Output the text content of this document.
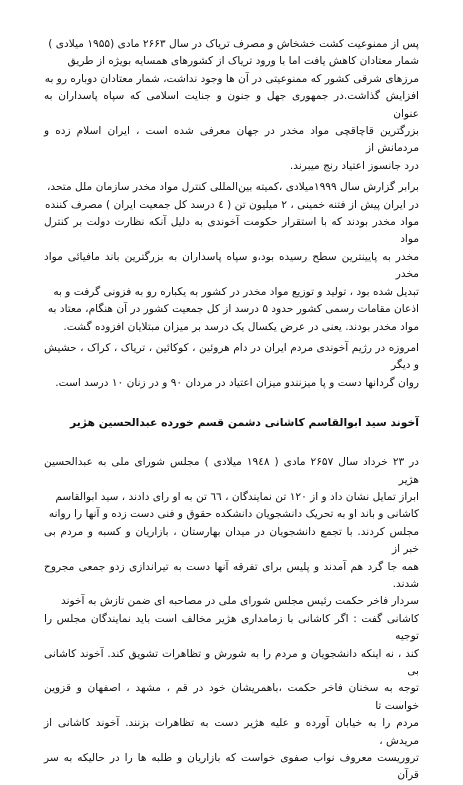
پس از ممنوعیت کشت خشخاش و مصرف تریاک در سال ۲۶۶۳ مادی (۱۹۵۵ میلادی )
شمار معتادان کاهش یافت اما با ورود تریاک از کشورهای همسایه بویژه از طریق
مرزهای شرقی کشور که ممنوعیتی در آن ها وجود نداشت، شمار معتادان دوباره رو به
افزایش گذاشت.در جمهوری جهل و جنون و جنایت اسلامی که سپاه پاسداران به عنوان
بزرگترین قاچاقچی مواد مخدر در جهان معرفی شده است ، ایران اسلام زده و مردمانش از
درد جانسوز اعتیاد رنج میبرند.

برابر گزارش سال ۱۹۹۹میلادی ،کمیته بین‌المللی کنترل مواد مخدر سازمان ملل متحد،
در ایران پیش از فتنه خمینی ، ۲ میلیون تن ( ٤ درسد کل جمعیت ایران ) مصرف کننده
مواد مخدر بودند که با استقرار حکومت آخوندی به دلیل آنکه نظارت دولت بر کنترل مواد
مخدر به پایینترین سطح رسیده بود،و سپاه پاسداران به بزرگترین باند مافیائی مواد مخدر
تبدیل شده بود ، تولید و توزیع مواد مخدر در کشور به یکباره رو به فزونی گرفت و به
اذعان مقامات رسمی کشور حدود ۵ درسد از کل جمعیت کشور در آن هنگام، معتاد به
مواد مخدر بودند. یعنی در عرض یکسال یک درسد بر میزان مبتلایان افزوده گشت.

امروزه در رژیم آخوندی مردم ایران در دام هروئین ، کوکائین ، تریاک ، کراک ، حشیش و دیگر
روان گردانها دست و پا میزنندو میزان اعتیاد در مردان ۹۰ و در زنان ۱۰ درسد است.

آخوند سید ابوالقاسم کاشانی دشمن قسم خورده عبدالحسین هژیر

در ۲۳ خرداد سال ۲۶۵۷ مادی ( ۱۹٤۸ میلادی ) مجلس شورای ملی به عبدالحسین هژیر
ابراز تمایل نشان داد و از ۱۲۰ تن نمایندگان ، ٦٦ تن به او رای دادند ، سید ابوالقاسم
کاشانی و باند او به تحریک دانشجویان دانشکده حقوق و فنی دست زده و آنها را روانه
مجلس کردند. با تجمع دانشجویان در میدان بهارستان ، بازاریان و کسبه و مردم بی خبر از
همه جا گرد هم آمدند و پلیس برای تفرقه آنها دست به تیراندازی زدو جمعی مجروح شدند.
سردار فاخر حکمت رئیس مجلس شورای ملی در مصاحبه ای ضمن تازش به آخوند
کاشانی گفت : اگر کاشانی با زمامداری هژیر مخالف است باید نمایندگان مجلس را توجیه
کند ، نه اینکه دانشجویان و مردم را به شورش و تظاهرات تشویق کند. آخوند کاشانی بی
توجه به سخنان فاخر حکمت ،باهمریشان خود در قم ، مشهد ، اصفهان و قزوین خواست تا
مردم را به خیابان آورده و علیه هژیر دست به تظاهرات بزنند. آخوند کاشانی از مریدش ،
تروریست معروف نواب صفوی خواست که بازاریان و طلبه ها را در حالیکه به سر قرآن
